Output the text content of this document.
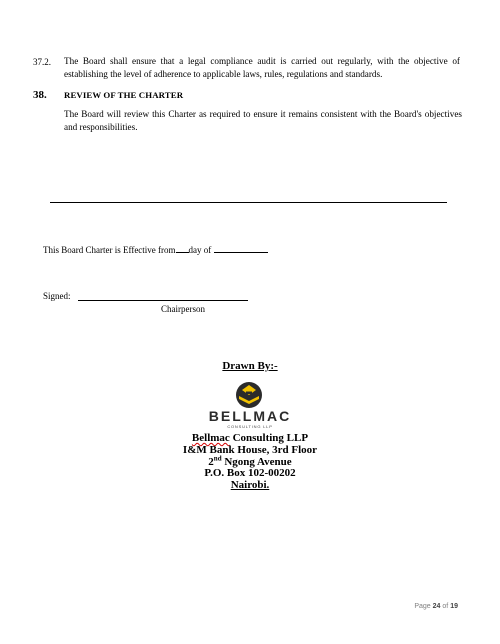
37.2. The Board shall ensure that a legal compliance audit is carried out regularly, with the objective of establishing the level of adherence to applicable laws, rules, regulations and standards.
38. REVIEW OF THE CHARTER
The Board will review this Charter as required to ensure it remains consistent with the Board's objectives and responsibilities.
This Board Charter is Effective from day of
Signed:
Chairperson
Drawn By:-
BELLMAC
CONSULTING LLP
Bellmac Consulting LLP
I&M Bank House, 3rd Floor
2nd Ngong Avenue
P.O. Box 102-00202
Nairobi.
Page 24 of 19
